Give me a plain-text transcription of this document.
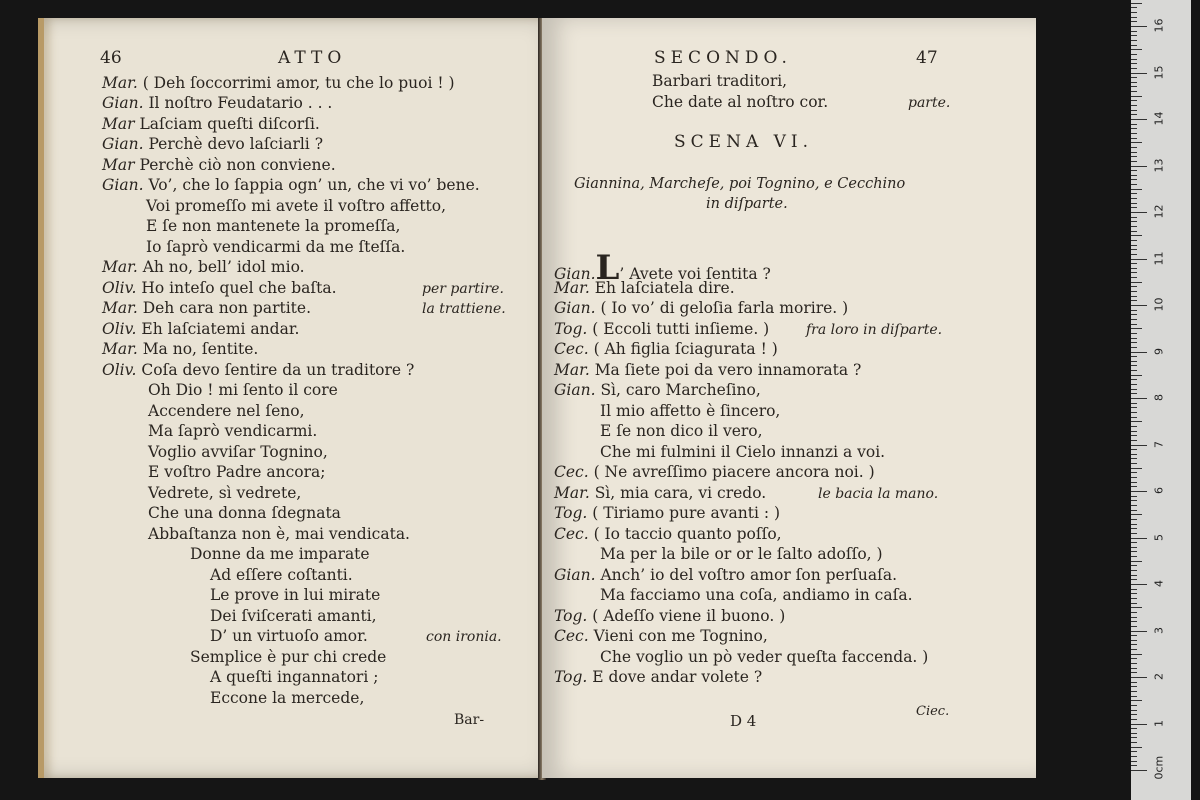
46	ATTO
Mar. ( Deh ſoccorrimi amor, tu che lo puoi ! )
Gian. Il noſtro Feudatario . . .
Mar Laſciam queſti diſcorſi.
Gian. Perchè devo laſciarli ?
Mar Perchè ciò non conviene.
Gian. Vo’, che lo ſappia ogn’ un, che vi vo’ bene.
Voi promeſſo mi avete il voſtro affetto,
E ſe non mantenete la promeſſa,
Io ſaprò vendicarmi da me ſteſſa.
Mar. Ah no, bell’ idol mio.
Oliv. Ho inteſo quel che baſta.	per partire.
Mar. Deh cara non partite.	la trattiene.
Oliv. Eh laſciatemi andar.
Mar. Ma no, ſentite.
Oliv. Coſa devo ſentire da un traditore ?
Oh Dio ! mi ſento il core
Accendere nel ſeno,
Ma ſaprò vendicarmi.
Voglio avviſar Tognino,
E voſtro Padre ancora;
Vedrete, sì vedrete,
Che una donna ſdegnata
Abbaſtanza non è, mai vendicata.
Donne da me imparate
Ad eſſere coſtanti.
Le prove in lui mirate
Dei ſviſcerati amanti,
D’ un virtuoſo amor.	con ironia.
Semplice è pur chi crede
A queſti ingannatori ;
Eccone la mercede,
Bar-
SECONDO.	47
Barbari traditori,
Che date al noſtro cor.	parte.
SCENA VI.
Giannina, Marcheſe, poi Tognino, e Cecchino
in diſparte.
Gian.L’ Avete voi ſentita ?
Mar. Eh laſciatela dire.
Gian. ( Io vo’ di geloſia farla morire. )
Tog. ( Eccoli tutti inſieme. )	fra loro in diſparte.
Cec. ( Ah figlia ſciagurata ! )
Mar. Ma ſiete poi da vero innamorata ?
Gian. Sì, caro Marcheſino,
Il mio affetto è ſincero,
E ſe non dico il vero,
Che mi fulmini il Cielo innanzi a voi.
Cec. ( Ne avreſſimo piacere ancora noi. )
Mar. Sì, mia cara, vi credo.	le bacia la mano.
Tog. ( Tiriamo pure avanti : )
Cec. ( Io taccio quanto poſſo,
Ma per la bile or or le ſalto adoſſo, )
Gian. Anch’ io del voſtro amor ſon perſuaſa.
Ma facciamo una coſa, andiamo in caſa.
Tog. ( Adeſſo viene il buono. )
Cec. Vieni con me Tognino,
Che voglio un pò veder queſta faccenda. )
Tog. E dove andar volete ?
D 4
Ciec.
0cm
1
2
3
4
5
6
7
8
9
10
11
12
13
14
15
16
